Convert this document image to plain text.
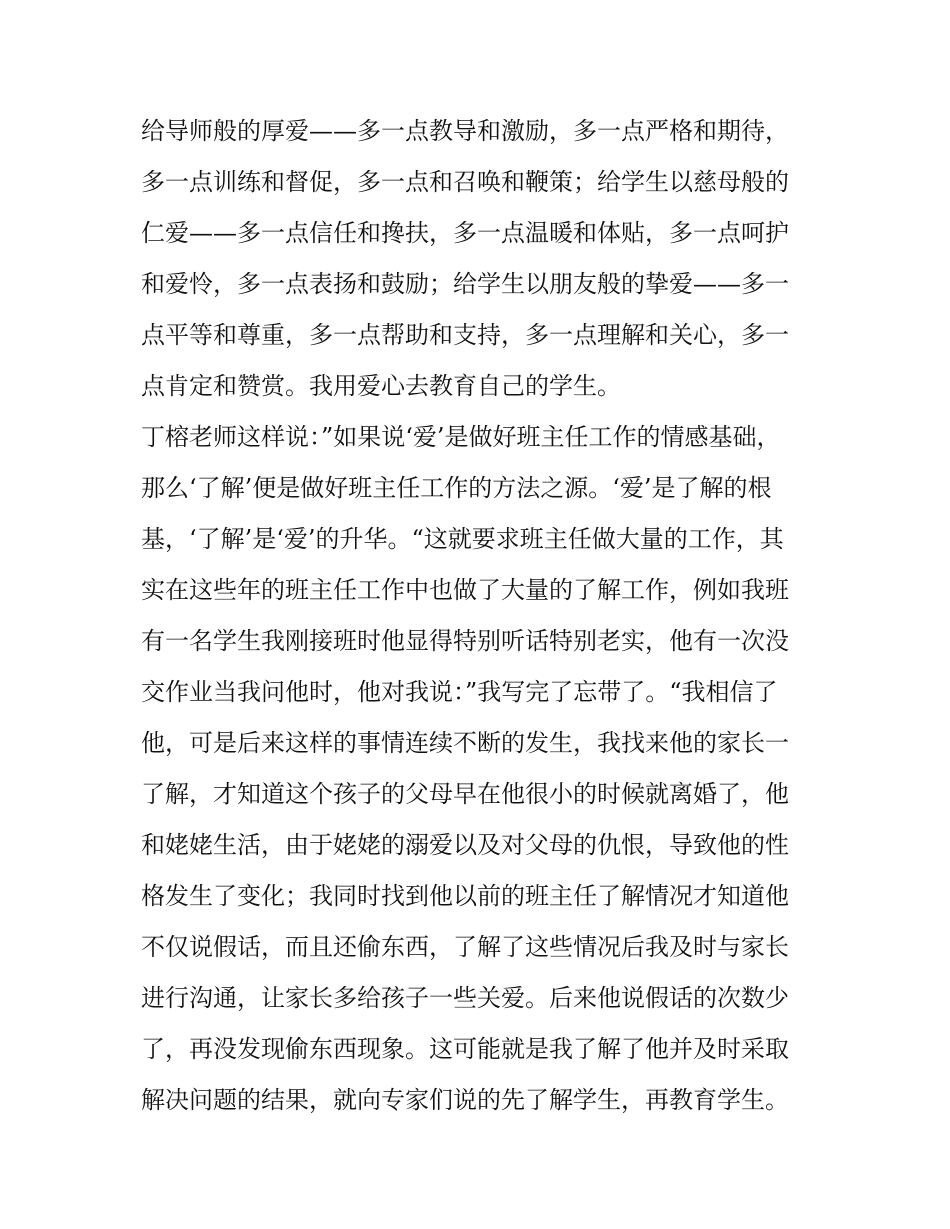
给导师般的厚爱——多一点教导和激励，多一点严格和期待，
多一点训练和督促，多一点和召唤和鞭策；给学生以慈母般的
仁爱——多一点信任和搀扶，多一点温暖和体贴，多一点呵护
和爱怜，多一点表扬和鼓励；给学生以朋友般的挚爱——多一
点平等和尊重，多一点帮助和支持，多一点理解和关心，多一
点肯定和赞赏。我用爱心去教育自己的学生。
丁榕老师这样说：”如果说‘爱’是做好班主任工作的情感基础，
那么‘了解’便是做好班主任工作的方法之源。‘爱’是了解的根
基，‘了解’是‘爱’的升华。“这就要求班主任做大量的工作，其
实在这些年的班主任工作中也做了大量的了解工作，例如我班
有一名学生我刚接班时他显得特别听话特别老实，他有一次没
交作业当我问他时，他对我说：”我写完了忘带了。“我相信了
他，可是后来这样的事情连续不断的发生，我找来他的家长一
了解，才知道这个孩子的父母早在他很小的时候就离婚了，他
和姥姥生活，由于姥姥的溺爱以及对父母的仇恨，导致他的性
格发生了变化；我同时找到他以前的班主任了解情况才知道他
不仅说假话，而且还偷东西，了解了这些情况后我及时与家长
进行沟通，让家长多给孩子一些关爱。后来他说假话的次数少
了，再没发现偷东西现象。这可能就是我了解了他并及时采取
解决问题的结果，就向专家们说的先了解学生，再教育学生。
